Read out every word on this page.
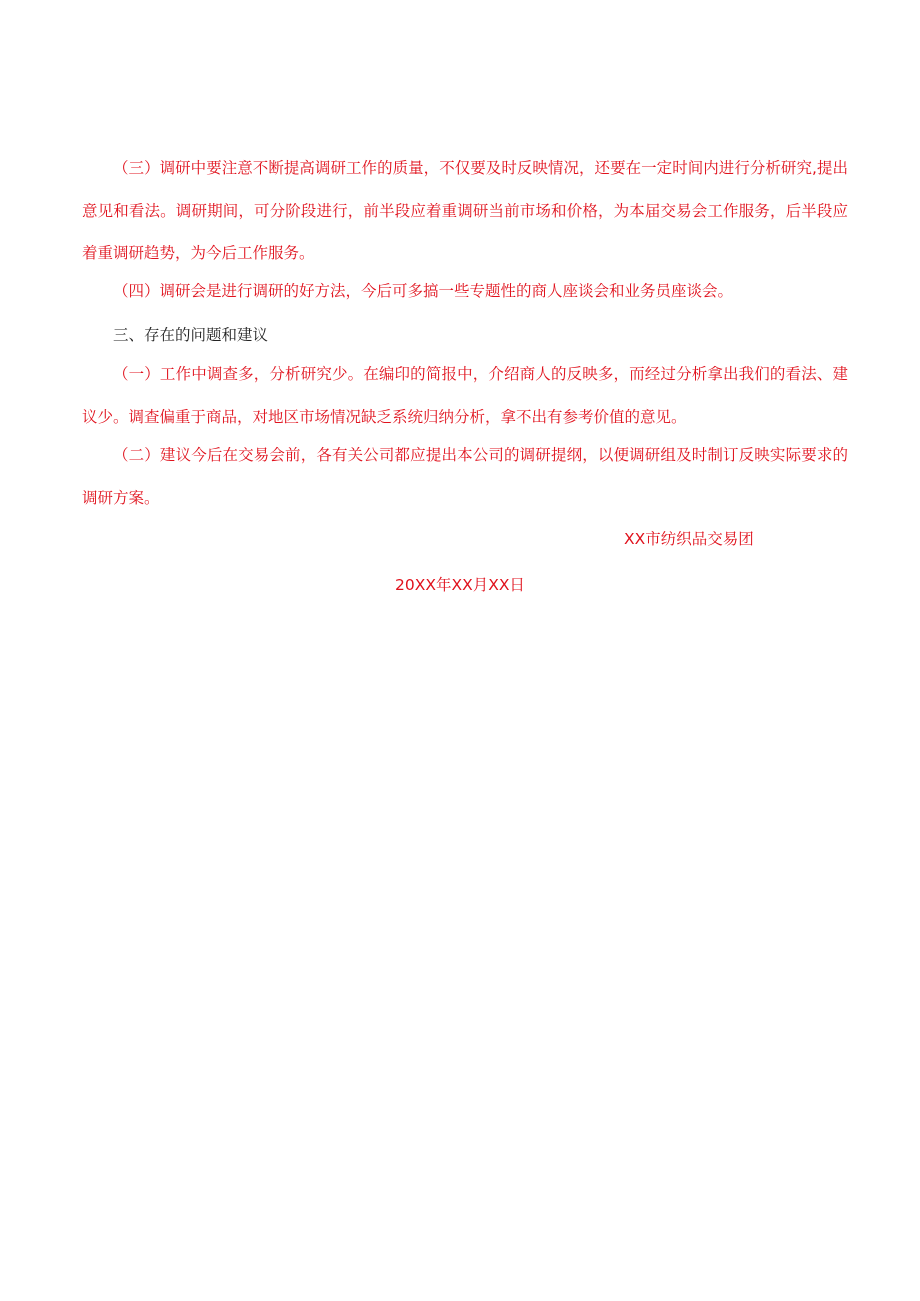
（三）调研中要注意不断提高调研工作的质量，不仅要及时反映情况，还要在一定时间内进行分析研究,提出意见和看法。调研期间，可分阶段进行，前半段应着重调研当前市场和价格，为本届交易会工作服务，后半段应着重调研趋势，为今后工作服务。

（四）调研会是进行调研的好方法，今后可多搞一些专题性的商人座谈会和业务员座谈会。

三、存在的问题和建议

（一）工作中调查多，分析研究少。在编印的简报中，介绍商人的反映多，而经过分析拿出我们的看法、建议少。调查偏重于商品，对地区市场情况缺乏系统归纳分析，拿不出有参考价值的意见。

（二）建议今后在交易会前，各有关公司都应提出本公司的调研提纲，以便调研组及时制订反映实际要求的调研方案。

XX市纺织品交易团

20XX年XX月XX日
